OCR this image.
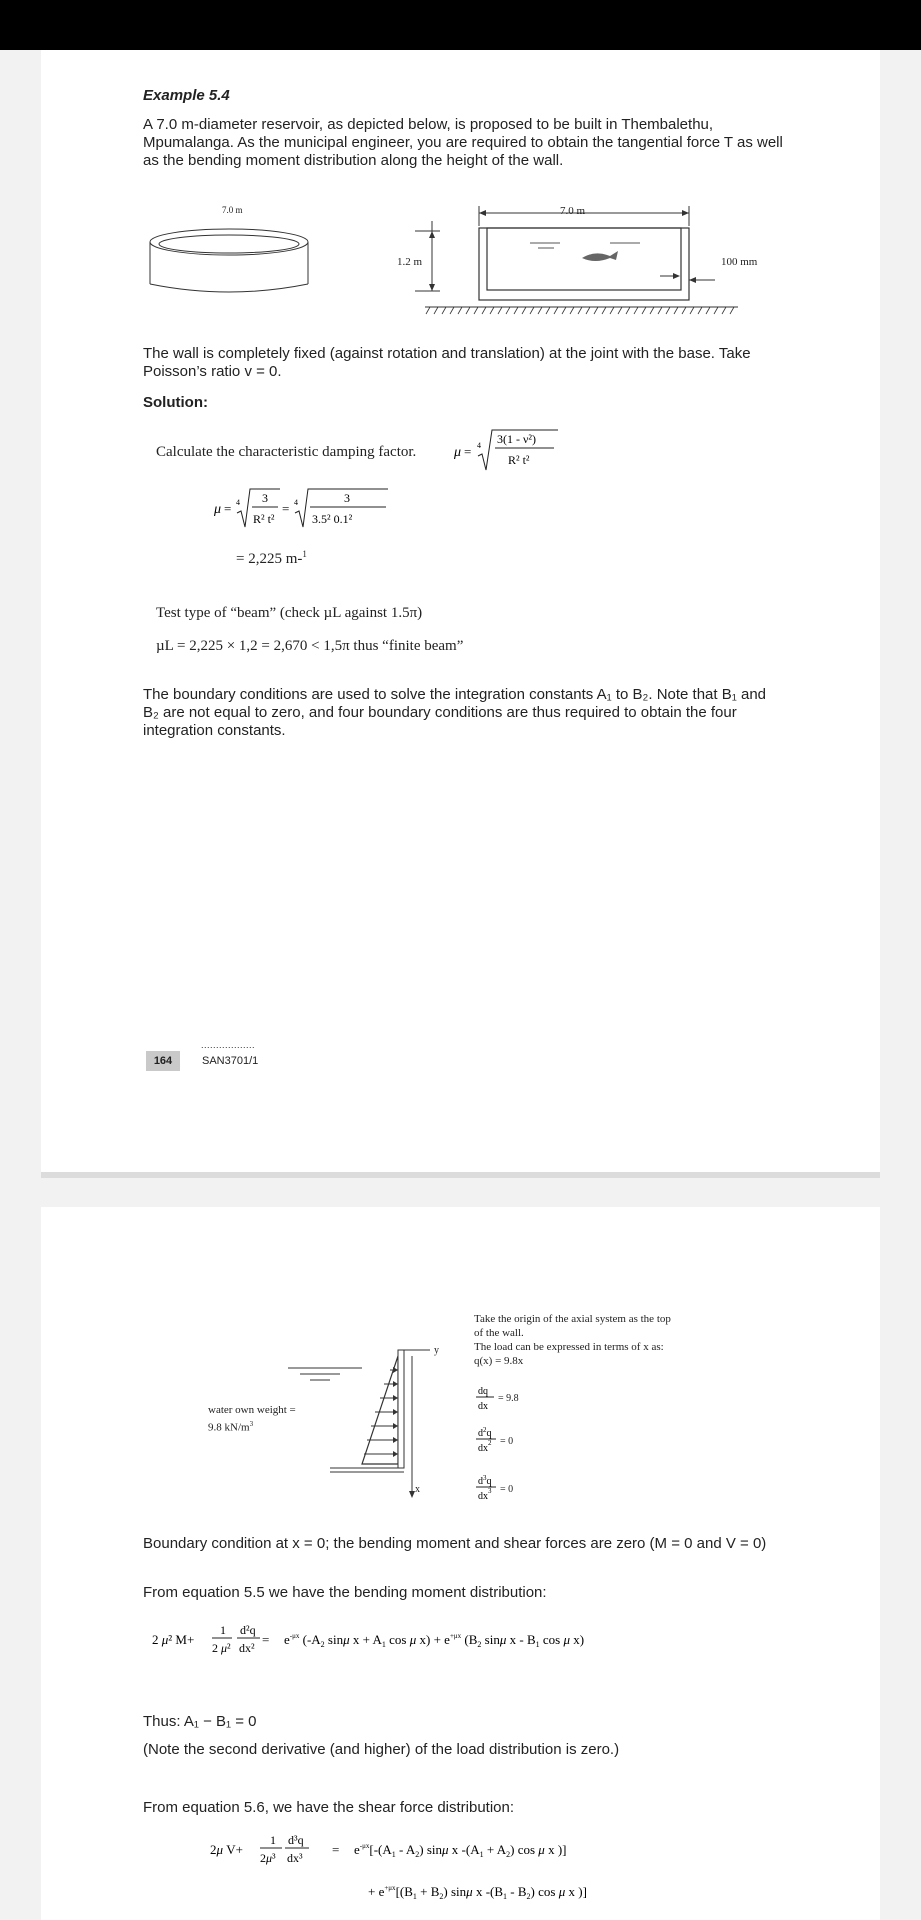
Example 5.4
A 7.0 m-diameter reservoir, as depicted below, is proposed to be built in Thembalethu, Mpumalanga. As the municipal engineer, you are required to obtain the tangential force T as well as the bending moment distribution along the height of the wall.
7.0 m	7.0 m
1.2 m	100 mm
The wall is completely fixed (against rotation and translation) at the joint with the base. Take Poisson’s ratio v = 0.
Solution:
Calculate the characteristic damping factor.	μ = 4 3(1 - ν²)
R² t²
μ = 4 3
R² t²
= 4	3
3.5² 0.1²
= 2,225 m-$^1$
Test type of “beam” (check µL against 1.5π)
µL = 2,225 × 1,2 = 2,670 < 1,5π thus “finite beam”
The boundary conditions are used to solve the integration constants A₁ to B₂. Note that B₁ and B₂ are not equal to zero, and four boundary conditions are thus required to obtain the four integration constants.
..................
164	SAN3701/1
y
x
water own weight =
9.8 $kN/m^3$
Take the origin of the axial system as the top
of the wall.
The load can be expressed in terms of x as:
q(x) = 9.8x
dq
dx
$d^2q$
$dx^2$
$d^3q$
$dx^3$
= 9.8
= 0
= 0
Boundary condition at x = 0; the bending moment and shear forces are zero (M = 0 and V = 0)
From equation 5.5 we have the bending moment distribution:
2 μ² M+
1
2 μ²
d²q
dx²
= $e^{-\mu x}$ ($-A_2$ sinμ $x + A_1$ cos μ $x) + e^{+\mu x}$ ($B_2$ sinμ x - $B_1$ cos μ x)
Thus: A₁ − B₁ = 0
(Note the second derivative (and higher) of the load distribution is zero.)
From equation 5.6, we have the shear force distribution:
2μ V+
1
2μ³
d³q
dx³
= $e^{-\mu x}[-(A_1 - A_2)$ sinμ x $-(A_1 + A_2)$ cos μ x )]
+ $e^{+\mu x}[(B_1 + B_2)$ sinμ x $-(B_1 - B_2)$ cos μ x )]
